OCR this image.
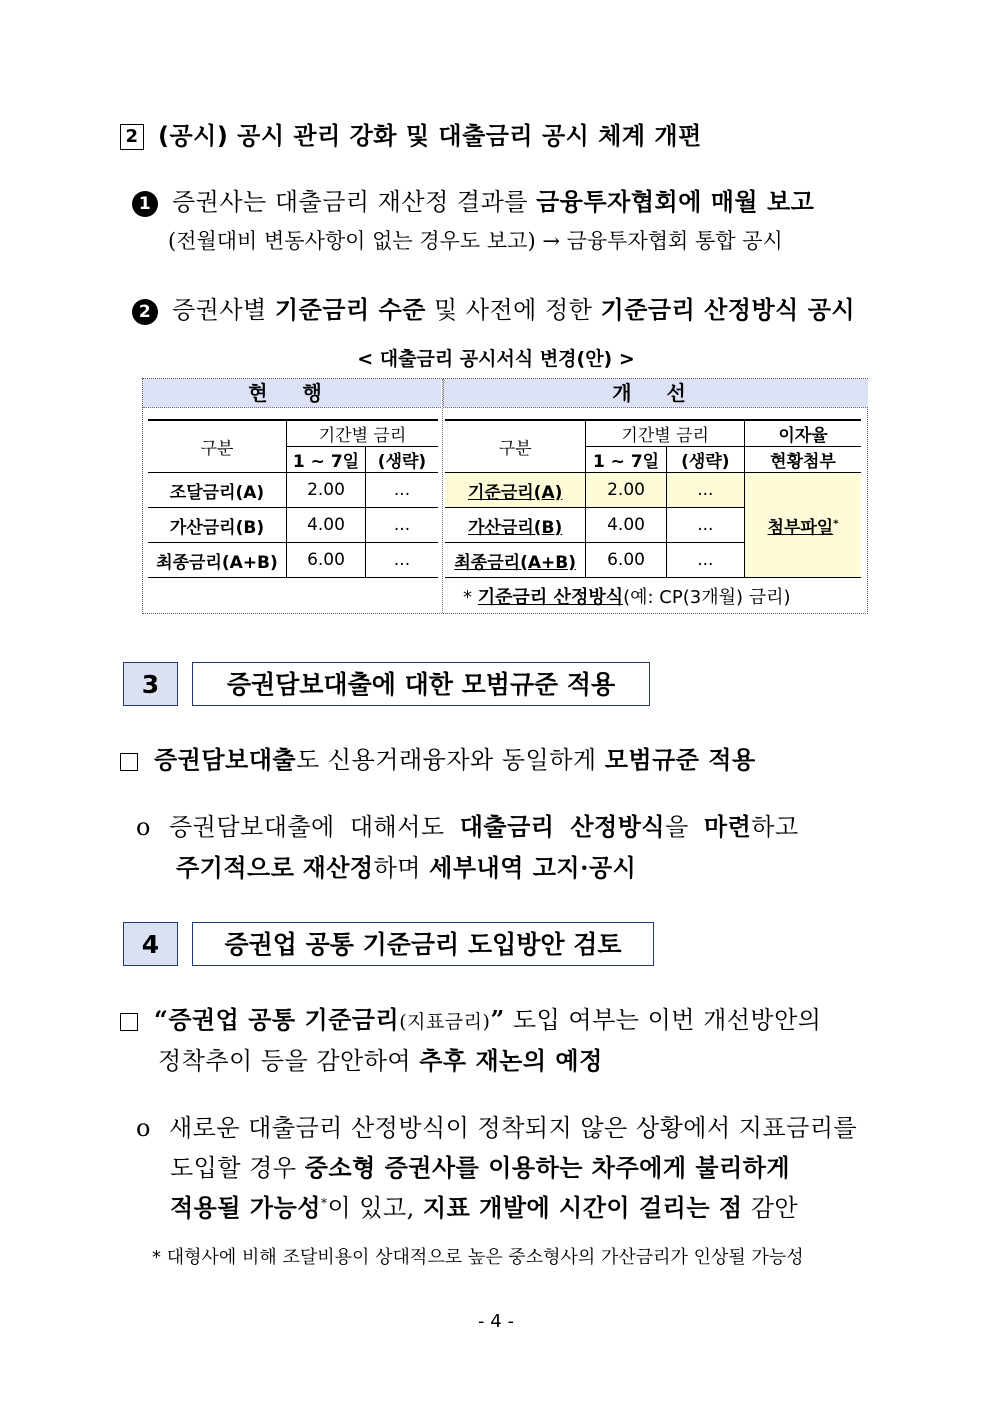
2 (공시) 공시 관리 강화 및 대출금리 공시 체계 개편
1 증권사는 대출금리 재산정 결과를 금융투자협회에 매월 보고
(전월대비 변동사항이 없는 경우도 보고) → 금융투자협회 통합 공시
2 증권사별 기준금리 수준 및 사전에 정한 기준금리 산정방식 공시
< 대출금리 공시서식 변경(안) >
현 행	개 선
구분	기간별 금리	
	1 ~ 7일	(생략)
조달금리(A)	2.00	...
가산금리(B)	4.00	...
최종금리(A+B)	6.00	...
구분	기간별 금리		이자율
	1 ~ 7일	(생략)	현황첨부
기준금리(A)	2.00	...	첨부파일*
가산금리(B)	4.00	...	
최종금리(A+B)	6.00	...	
* 기준금리 산정방식(예: CP(3개월) 금리)			
3	증권담보대출에 대한 모범규준 적용
증권담보대출도 신용거래융자와 동일하게 모범규준 적용
ο 증권담보대출에 대해서도 대출금리 산정방식을 마련하고
주기적으로 재산정하며 세부내역 고지·공시
4	증권업 공통 기준금리 도입방안 검토
“증권업 공통 기준금리(지표금리)” 도입 여부는 이번 개선방안의
정착추이 등을 감안하여 추후 재논의 예정
ο 새로운 대출금리 산정방식이 정착되지 않은 상황에서 지표금리를
도입할 경우 중소형 증권사를 이용하는 차주에게 불리하게
적용될 가능성*이 있고, 지표 개발에 시간이 걸리는 점 감안
* 대형사에 비해 조달비용이 상대적으로 높은 중소형사의 가산금리가 인상될 가능성
- 4 -
